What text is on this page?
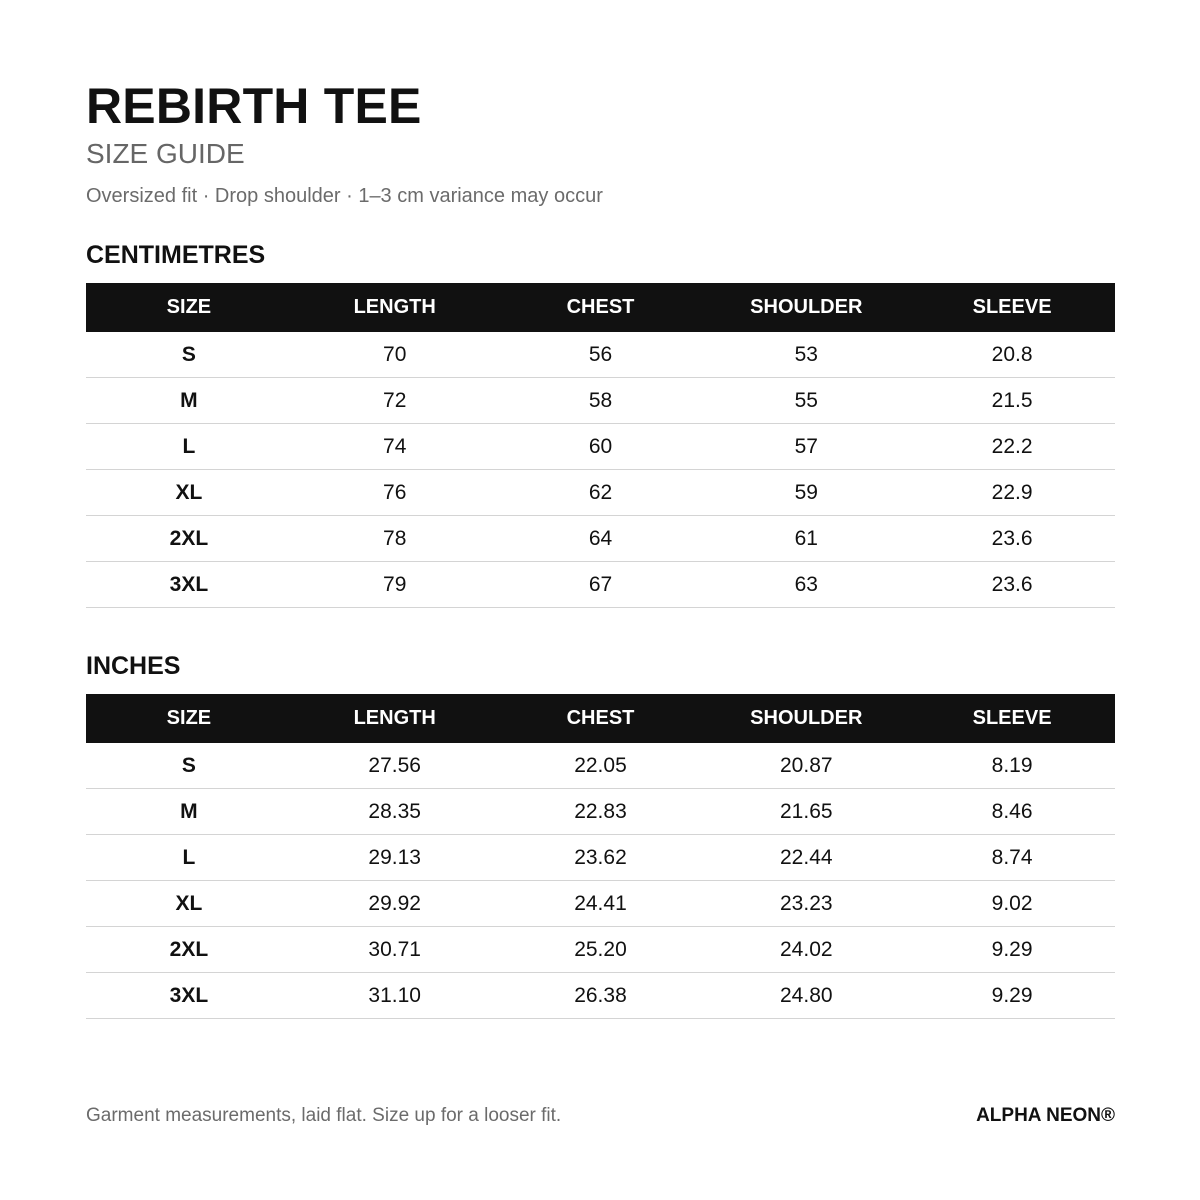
REBIRTH TEE
SIZE GUIDE
Oversized fit · Drop shoulder · 1–3 cm variance may occur
CENTIMETRES
SIZE	LENGTH	CHEST	SHOULDER	SLEEVE
S	70	56	53	20.8
M	72	58	55	21.5
L	74	60	57	22.2
XL	76	62	59	22.9
2XL	78	64	61	23.6
3XL	79	67	63	23.6
INCHES
SIZE	LENGTH	CHEST	SHOULDER	SLEEVE
S	27.56	22.05	20.87	8.19
M	28.35	22.83	21.65	8.46
L	29.13	23.62	22.44	8.74
XL	29.92	24.41	23.23	9.02
2XL	30.71	25.20	24.02	9.29
3XL	31.10	26.38	24.80	9.29
Garment measurements, laid flat. Size up for a looser fit.	ALPHA NEON®
